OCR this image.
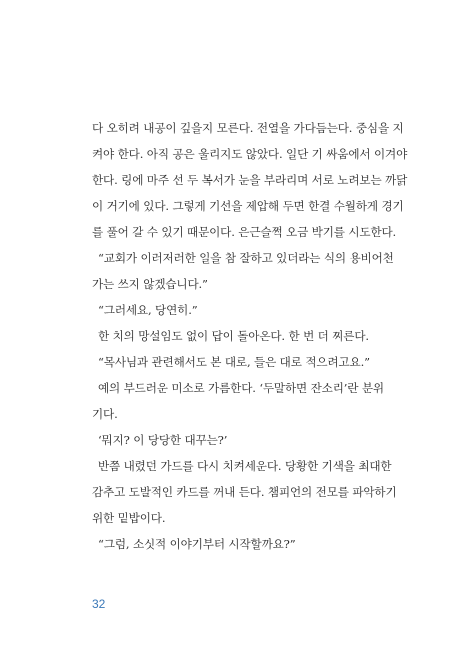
다 오히려 내공이 깊을지 모른다. 전열을 가다듬는다. 중심을 지
켜야 한다. 아직 공은 울리지도 않았다. 일단 기 싸움에서 이겨야
한다. 링에 마주 선 두 복서가 눈을 부라리며 서로 노려보는 까닭
이 거기에 있다. 그렇게 기선을 제압해 두면 한결 수월하게 경기
를 풀어 갈 수 있기 때문이다. 은근슬쩍 오금 박기를 시도한다.
“교회가 이러저러한 일을 참 잘하고 있더라는 식의 용비어천
가는 쓰지 않겠습니다.”
“그러세요, 당연히.”
한 치의 망설임도 없이 답이 돌아온다. 한 번 더 찌른다.
“목사님과 관련해서도 본 대로, 들은 대로 적으려고요.”
예의 부드러운 미소로 가름한다. ‘두말하면 잔소리’란 분위
기다.
‘뭐지? 이 당당한 대꾸는?’
반쯤 내렸던 가드를 다시 치켜세운다. 당황한 기색을 최대한
감추고 도발적인 카드를 꺼내 든다. 챔피언의 전모를 파악하기
위한 밑밥이다.
“그럼, 소싯적 이야기부터 시작할까요?”
32
